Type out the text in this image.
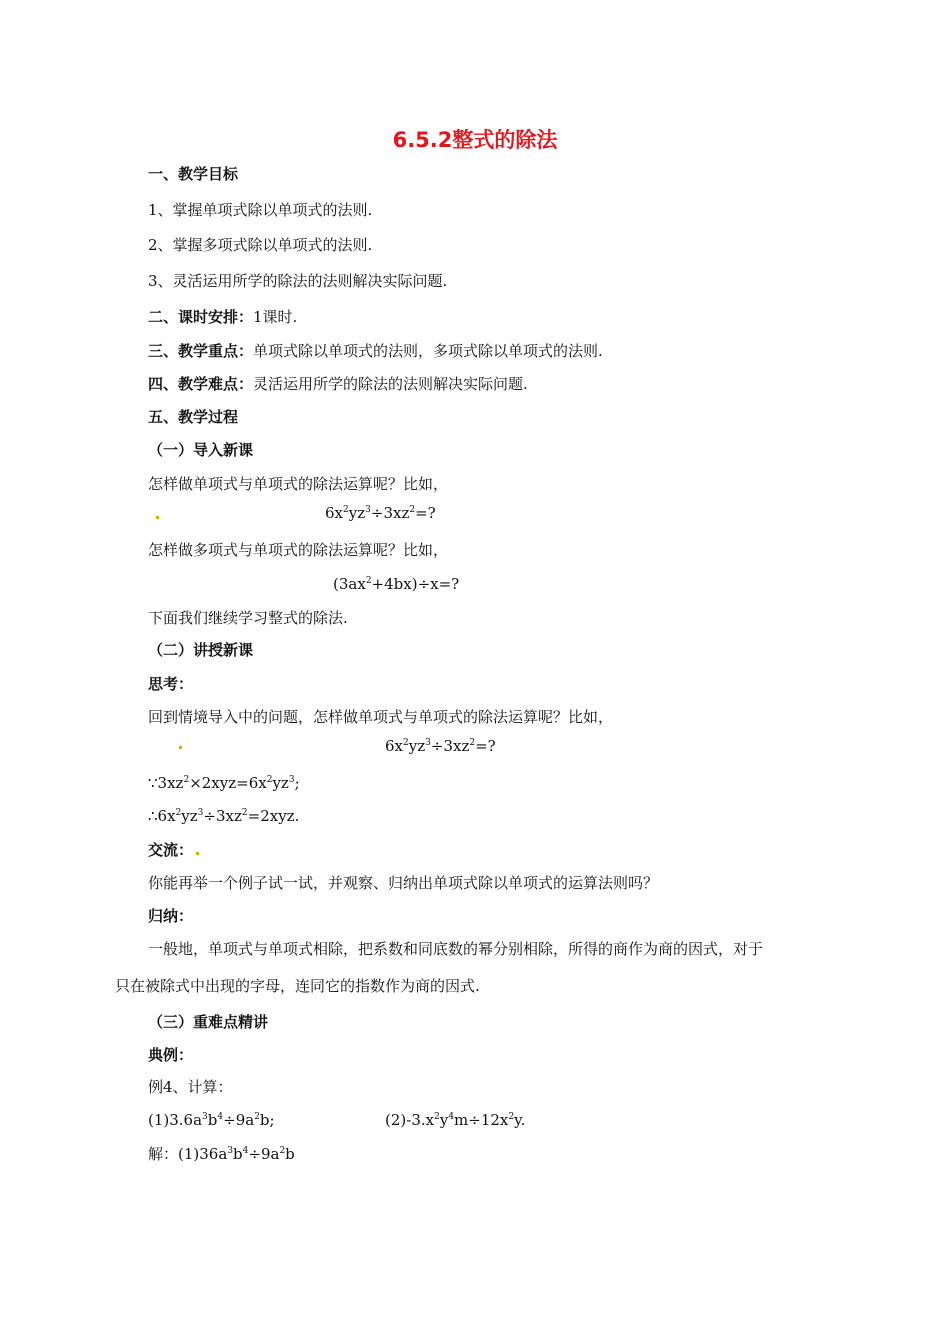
6.5.2整式的除法
一、教学目标
1、掌握单项式除以单项式的法则.
2、掌握多项式除以单项式的法则.
3、灵活运用所学的除法的法则解决实际问题.
二、课时安排：1课时.
三、教学重点：单项式除以单项式的法则，多项式除以单项式的法则.
四、教学难点：灵活运用所学的除法的法则解决实际问题.
五、教学过程
（一）导入新课
怎样做单项式与单项式的除法运算呢？比如，
$6x^2yz^3\div 3xz^2=$?
怎样做多项式与单项式的除法运算呢？比如，
$(3ax^2+4bx)\div x=$?
下面我们继续学习整式的除法.
（二）讲授新课
思考：
回到情境导入中的问题，怎样做单项式与单项式的除法运算呢？比如，
$6x^2yz^3\div 3xz^2=$?
$\because 3xz^2\times 2xyz=6x^2yz^3$;
$\therefore 6x^2yz^3\div 3xz^2=2xyz$.
交流：
你能再举一个例子试一试，并观察、归纳出单项式除以单项式的运算法则吗？
归纳：
一般地，单项式与单项式相除，把系数和同底数的幂分别相除，所得的商作为商的因式，对于
只在被除式中出现的字母，连同它的指数作为商的因式.
（三）重难点精讲
典例：
例4、计算：
$(1)3.6a^3b^4\div 9a^2b$;	$(2)-3.x^2y^4m\div 12x^2y$.
解：$(1)36a^3b^4\div 9a^2b$
